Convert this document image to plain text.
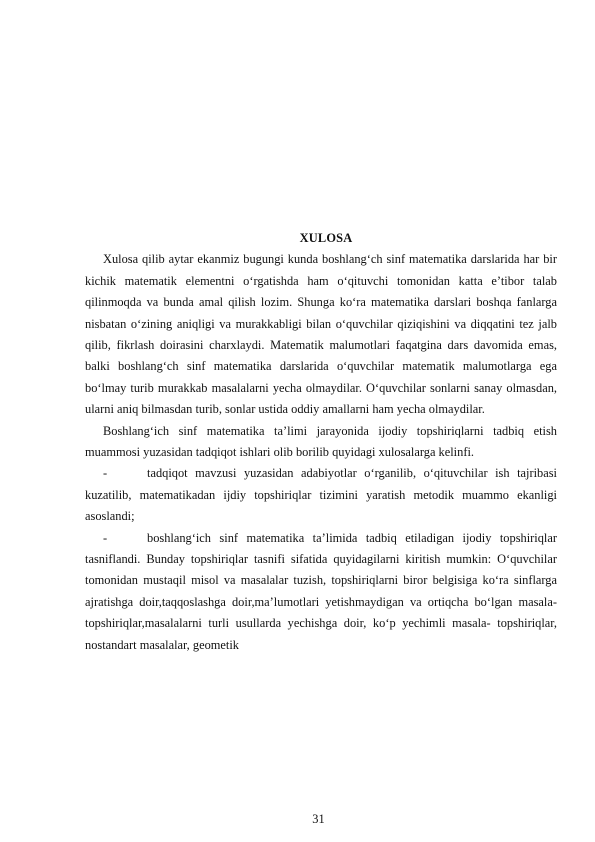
XULOSA

Xulosa qilib aytar ekanmiz bugungi kunda boshlang‘ch sinf matematika darslarida har bir kichik matematik elementni o‘rgatishda ham o‘qituvchi tomonidan katta e’tibor talab qilinmoqda va bunda amal qilish lozim. Shunga ko‘ra matematika darslari boshqa fanlarga nisbatan o‘zining aniqligi va murakkabligi bilan o‘quvchilar qiziqishini va diqqatini tez jalb qilib, fikrlash doirasini charxlaydi. Matematik malumotlari faqatgina dars davomida emas, balki boshlang‘ch sinf matematika darslarida o‘quvchilar matematik malumotlarga ega bo‘lmay turib murakkab masalalarni yecha olmaydilar. O‘quvchilar sonlarni sanay olmasdan, ularni aniq bilmasdan turib, sonlar ustida oddiy amallarni ham yecha olmaydilar.

Boshlang‘ich sinf matematika ta’limi jarayonida ijodiy topshiriqlarni tadbiq etish muammosi yuzasidan tadqiqot ishlari olib borilib quyidagi xulosalarga kelinfi.

-	tadqiqot mavzusi yuzasidan adabiyotlar o‘rganilib, o‘qituvchilar ish tajribasi kuzatilib, matematikadan ijdiy topshiriqlar tizimini yaratish metodik muammo ekanligi asoslandi;

-	boshlang‘ich sinf matematika ta’limida tadbiq etiladigan ijodiy topshiriqlar tasniflandi. Bunday topshiriqlar tasnifi sifatida quyidagilarni kiritish mumkin: O‘quvchilar tomonidan mustaqil misol va masalalar tuzish, topshiriqlarni biror belgisiga ko‘ra sinflarga ajratishga doir,taqqoslashga doir,ma’lumotlari yetishmaydigan va ortiqcha bo‘lgan masala- topshiriqlar,masalalarni turli usullarda yechishga doir, ko‘p yechimli masala- topshiriqlar, nostandart masalalar, geometik

31
